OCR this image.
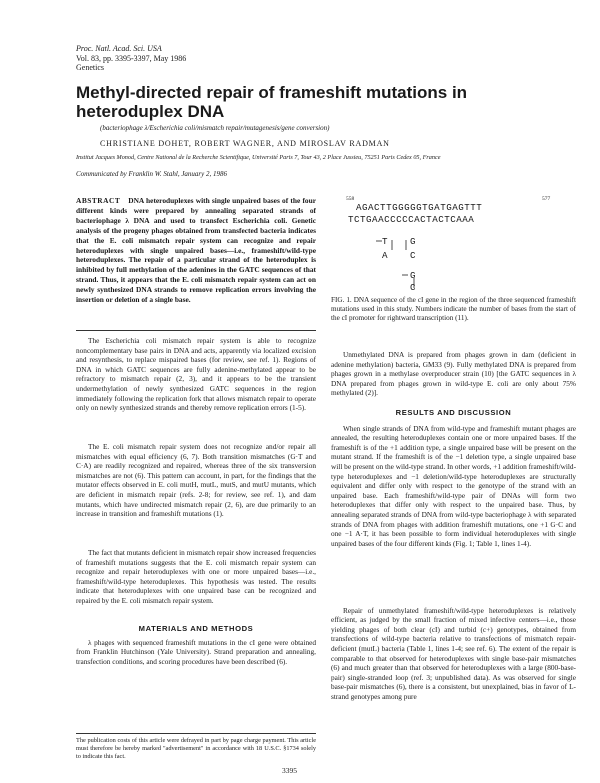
Proc. Natl. Acad. Sci. USA
Vol. 83, pp. 3395-3397, May 1986
Genetics
Methyl-directed repair of frameshift mutations in heteroduplex DNA
(bacteriophage λ/Escherichia coli/mismatch repair/mutagenesis/gene conversion)
CHRISTIANE DOHET, ROBERT WAGNER, AND MIROSLAV RADMAN
Institut Jacques Monod, Centre National de la Recherche Scientifique, Université Paris 7, Tour 43, 2 Place Jussieu, 75251 Paris Cedex 05, France
Communicated by Franklin W. Stahl, January 2, 1986
ABSTRACT DNA heteroduplexes with single unpaired bases of the four different kinds were prepared by annealing separated strands of bacteriophage λ DNA and used to transfect Escherichia coli. Genetic analysis of the progeny phages obtained from transfected bacteria indicates that the E. coli mismatch repair system can recognize and repair heteroduplexes with single unpaired bases—i.e., frameshift/wild-type heteroduplexes. The repair of a particular strand of the heteroduplex is inhibited by full methylation of the adenines in the GATC sequences of that strand. Thus, it appears that the E. coli mismatch repair system can act on newly synthesized DNA strands to remove replication errors involving the insertion or deletion of a single base.

The Escherichia coli mismatch repair system is able to recognize noncomplementary base pairs in DNA and acts, apparently via localized excision and resynthesis, to replace mispaired bases (for review, see ref. 1). Regions of DNA in which GATC sequences are fully adenine-methylated appear to be refractory to mismatch repair (2, 3), and it appears to be the transient undermethylation of newly synthesized GATC sequences in the region immediately following the replication fork that allows mismatch repair to operate only on newly synthesized strands and thereby remove replication errors (1-5).

The E. coli mismatch repair system does not recognize and/or repair all mismatches with equal efficiency (6, 7). Both transition mismatches (G·T and C·A) are readily recognized and repaired, whereas three of the six transversion mismatches are not (6). This pattern can account, in part, for the findings that the mutator effects observed in E. coli mutH, mutL, mutS, and mutU mutants, which are deficient in mismatch repair (refs. 2-8; for review, see ref. 1), and dam mutants, which have undirected mismatch repair (2, 6), are due primarily to an increase in transition and frameshift mutations (1).

The fact that mutants deficient in mismatch repair show increased frequencies of frameshift mutations suggests that the E. coli mismatch repair system can recognize and repair heteroduplexes with one or more unpaired bases—i.e., frameshift/wild-type heteroduplexes. This hypothesis was tested. The results indicate that heteroduplexes with one unpaired base can be recognized and repaired by the E. coli mismatch repair system.

MATERIALS AND METHODS

λ phages with sequenced frameshift mutations in the cI gene were obtained from Franklin Hutchinson (Yale University). Strand preparation and annealing, transfection conditions, and scoring procedures have been described (6).

The publication costs of this article were defrayed in part by page charge payment. This article must therefore be hereby marked "advertisement" in accordance with 18 U.S.C. §1734 solely to indicate this fact.
558	577
AGACTTGGGGGTGATGAGTTT
TCTGAACCCCCACTACTCAAA
T G
A C
G
C
FIG. 1. DNA sequence of the cI gene in the region of the three sequenced frameshift mutations used in this study. Numbers indicate the number of bases from the start of the cI promoter for rightward transcription (11).

Unmethylated DNA is prepared from phages grown in dam (deficient in adenine methylation) bacteria, GM33 (9). Fully methylated DNA is prepared from phages grown in a methylase overproducer strain (10) [the GATC sequences in λ DNA prepared from phages grown in wild-type E. coli are only about 75% methylated (2)].

RESULTS AND DISCUSSION

When single strands of DNA from wild-type and frameshift mutant phages are annealed, the resulting heteroduplexes contain one or more unpaired bases. If the frameshift is of the +1 addition type, a single unpaired base will be present on the mutant strand. If the frameshift is of the −1 deletion type, a single unpaired base will be present on the wild-type strand. In other words, +1 addition frameshift/wild-type heteroduplexes and −1 deletion/wild-type heteroduplexes are structurally equivalent and differ only with respect to the genotype of the strand with an unpaired base. Each frameshift/wild-type pair of DNAs will form two heteroduplexes that differ only with respect to the unpaired base. Thus, by annealing separated strands of DNA from wild-type bacteriophage λ with separated strands of DNA from phages with addition frameshift mutations, one +1 G·C and one −1 A·T, it has been possible to form individual heteroduplexes with single unpaired bases of the four different kinds (Fig. 1; Table 1, lines 1-4).

Repair of unmethylated frameshift/wild-type heteroduplexes is relatively efficient, as judged by the small fraction of mixed infective centers—i.e., those yielding phages of both clear (cI) and turbid (c+) genotypes, obtained from transfections of wild-type bacteria relative to transfections of mismatch repair-deficient (mutL) bacteria (Table 1, lines 1-4; see ref. 6). The extent of the repair is comparable to that observed for heteroduplexes with single base-pair mismatches (6) and much greater than that observed for heteroduplexes with a large (800-base-pair) single-stranded loop (ref. 3; unpublished data). As was observed for single base-pair mismatches (6), there is a consistent, but unexplained, bias in favor of L-strand genotypes among pure

3395
